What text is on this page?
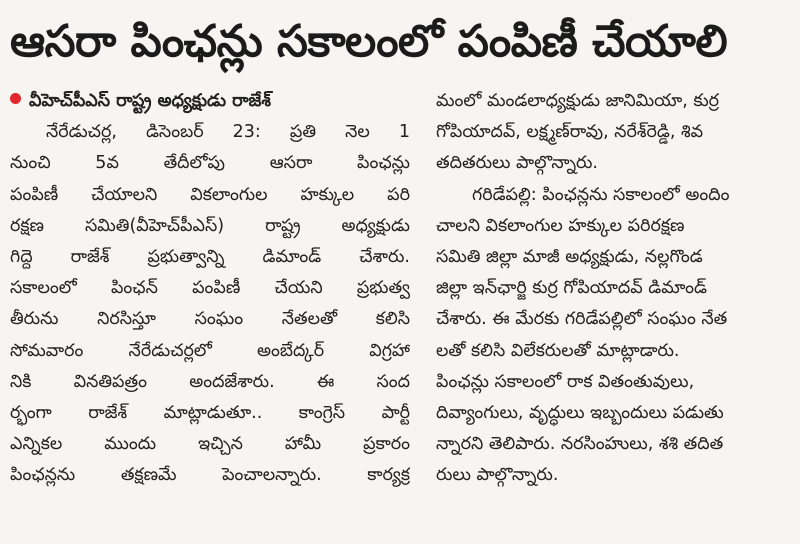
ఆసరా పింఛన్లు సకాలంలో పంపిణీ చేయాలి
వీహెచ్‌పీఎస్ రాష్ట్ర అధ్యక్షుడు రాజేశ్
నేరేడుచర్ల, డిసెంబర్ 23: ప్రతి నెల 1
నుంచి 5వ తేదీలోపు ఆసరా పింఛన్లు
పంపిణీ చేయాలని వికలాంగుల హక్కుల పరి
రక్షణ సమితి(వీహెచ్‌పీఎస్) రాష్ట్ర అధ్యక్షుడు
గిద్దె రాజేశ్ ప్రభుత్వాన్ని డిమాండ్ చేశారు.
సకాలంలో పింఛన్ పంపిణీ చేయని ప్రభుత్వ
తీరును నిరసిస్తూ సంఘం నేతలతో కలిసి
సోమవారం నేరేడుచర్లలో అంబేద్కర్ విగ్రహా
నికి వినతిపత్రం అందజేశారు. ఈ సంద
ర్భంగా రాజేశ్ మాట్లాడుతూ.. కాంగ్రెస్ పార్టీ
ఎన్నికల ముందు ఇచ్చిన హామీ ప్రకారం
పింఛన్లను తక్షణమే పెంచాలన్నారు. కార్యక్ర
మంలో మండలాధ్యక్షుడు జానిమియా, కుర్ర
గోపియాదవ్, లక్ష్మణ్‌రావు, నరేశ్‌రెడ్డి, శివ
తదితరులు పాల్గొన్నారు.
గరిడేపల్లి: పింఛన్లను సకాలంలో అందిం
చాలని వికలాంగుల హక్కుల పరిరక్షణ
సమితి జిల్లా మాజీ అధ్యక్షుడు, నల్లగొండ
జిల్లా ఇన్‌ఛార్జి కుర్ర గోపియాదవ్ డిమాండ్
చేశారు. ఈ మేరకు గరిడేపల్లిలో సంఘం నేత
లతో కలిసి విలేకరులతో మాట్లాడారు.
పింఛన్లు సకాలంలో రాక వితంతువులు,
దివ్యాంగులు, వృద్ధులు ఇబ్బందులు పడుతు
న్నారని తెలిపారు. నరసింహులు, శశి తదిత
రులు పాల్గొన్నారు.
